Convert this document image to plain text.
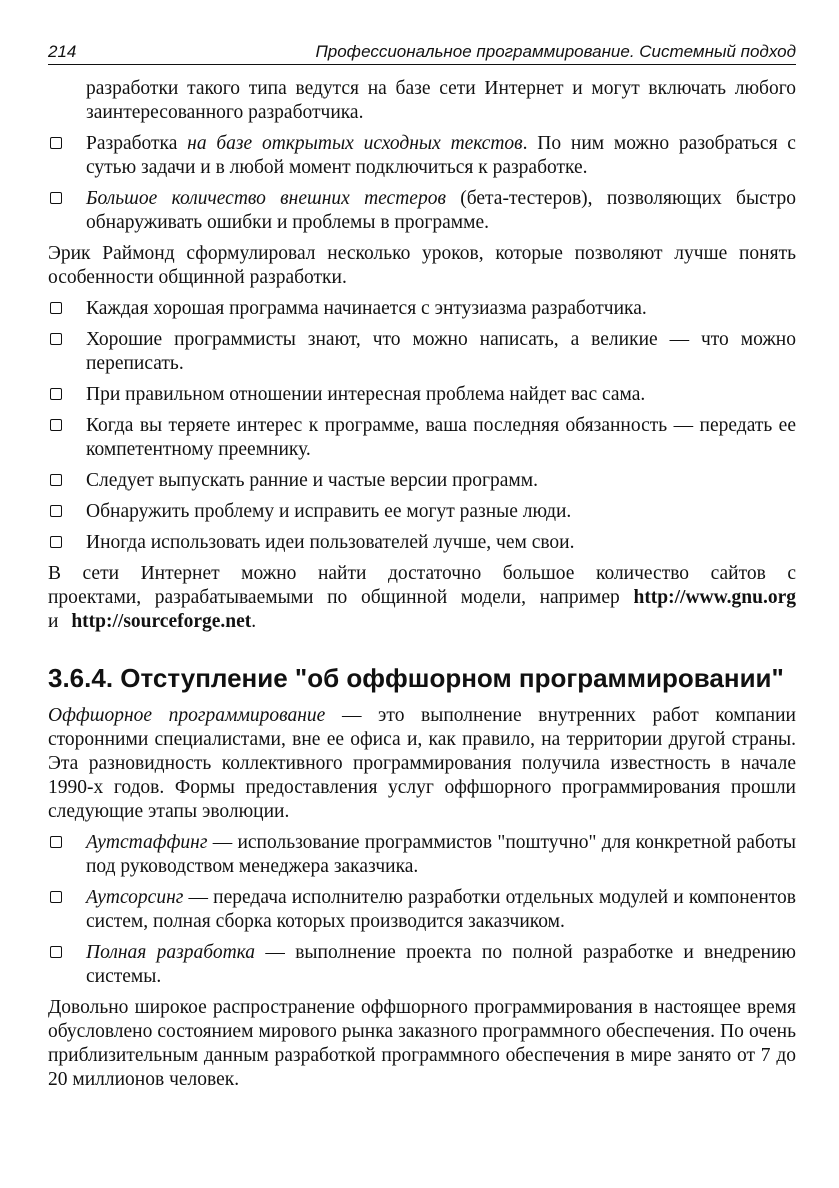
214	Профессиональное программирование. Системный подход

разработки такого типа ведутся на базе сети Интернет и могут включать любого заинтересованного разработчика.

Разработка на базе открытых исходных текстов. По ним можно разобраться с сутью задачи и в любой момент подключиться к разработке.
Большое количество внешних тестеров (бета-тестеров), позволяющих быстро обнаруживать ошибки и проблемы в программе.

Эрик Раймонд сформулировал несколько уроков, которые позволяют лучше понять особенности общинной разработки.

Каждая хорошая программа начинается с энтузиазма разработчика.
Хорошие программисты знают, что можно написать, а великие — что можно переписать.
При правильном отношении интересная проблема найдет вас сама.
Когда вы теряете интерес к программе, ваша последняя обязанность — передать ее компетентному преемнику.
Следует выпускать ранние и частые версии программ.
Обнаружить проблему и исправить ее могут разные люди.
Иногда использовать идеи пользователей лучше, чем свои.

В сети Интернет можно найти достаточно большое количество сайтов с проектами, разрабатываемыми по общинной модели, например http://www.gnu.org и http://sourceforge.net.

3.6.4. Отступление "об оффшорном программировании"

Оффшорное программирование — это выполнение внутренних работ компании сторонними специалистами, вне ее офиса и, как правило, на территории другой страны. Эта разновидность коллективного программирования получила известность в начале 1990-х годов. Формы предоставления услуг оффшорного программирования прошли следующие этапы эволюции.

Аутстаффинг — использование программистов "поштучно" для конкретной работы под руководством менеджера заказчика.
Аутсорсинг — передача исполнителю разработки отдельных модулей и компонентов систем, полная сборка которых производится заказчиком.
Полная разработка — выполнение проекта по полной разработке и внедрению системы.

Довольно широкое распространение оффшорного программирования в настоящее время обусловлено состоянием мирового рынка заказного программного обеспечения. По очень приблизительным данным разработкой программного обеспечения в мире занято от 7 до 20 миллионов человек.
